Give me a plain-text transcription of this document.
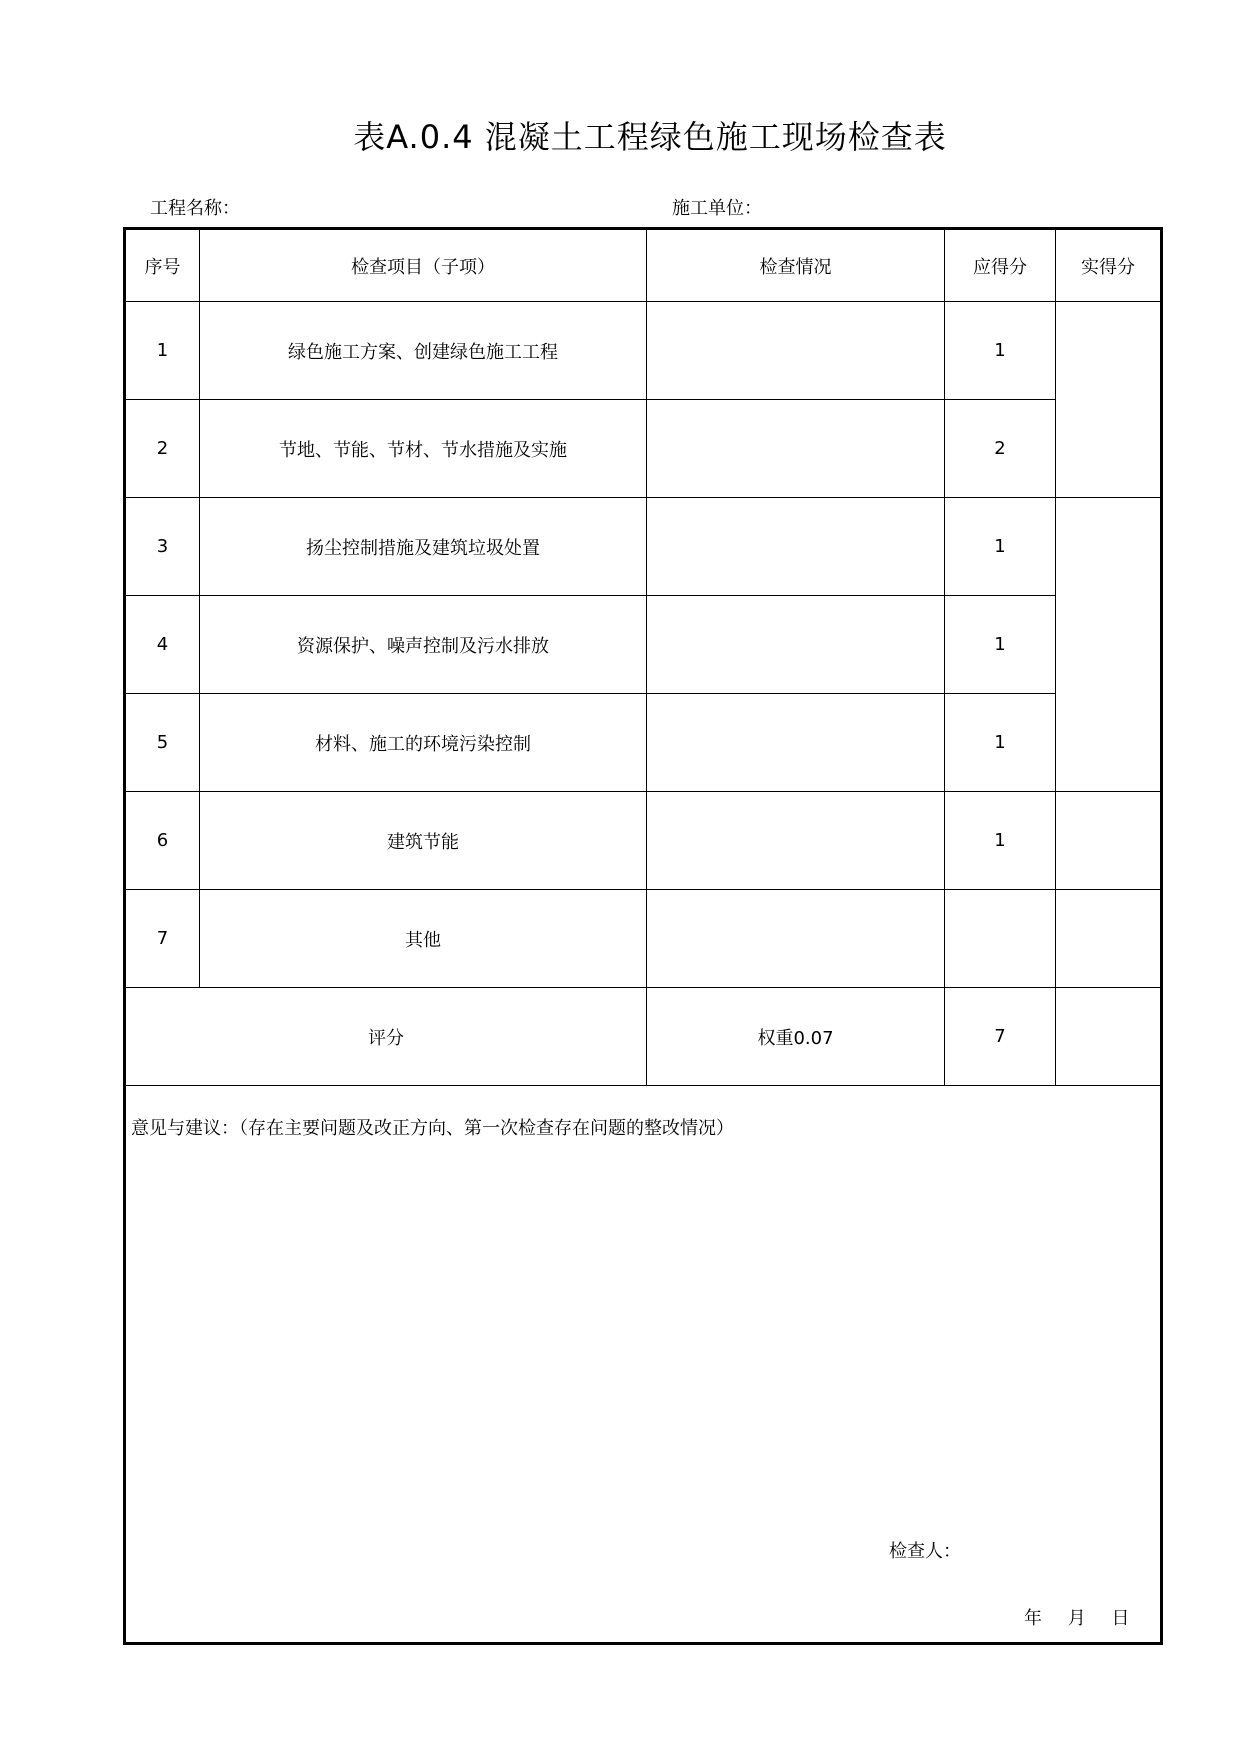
表A.0.4 混凝土工程绿色施工现场检查表
工程名称：	施工单位：
序号	检查项目（子项）	检查情况	应得分	实得分
1	绿色施工方案、创建绿色施工工程		1	
2	节地、节能、节材、节水措施及实施		2	
3	扬尘控制措施及建筑垃圾处置		1	
4	资源保护、噪声控制及污水排放		1	
5	材料、施工的环境污染控制		1	
6	建筑节能		1	
7	其他			
评分		权重0.07	7	

意见与建议：（存在主要问题及改正方向、第一次检查存在问题的整改情况）
检查人：
年 月 日				
